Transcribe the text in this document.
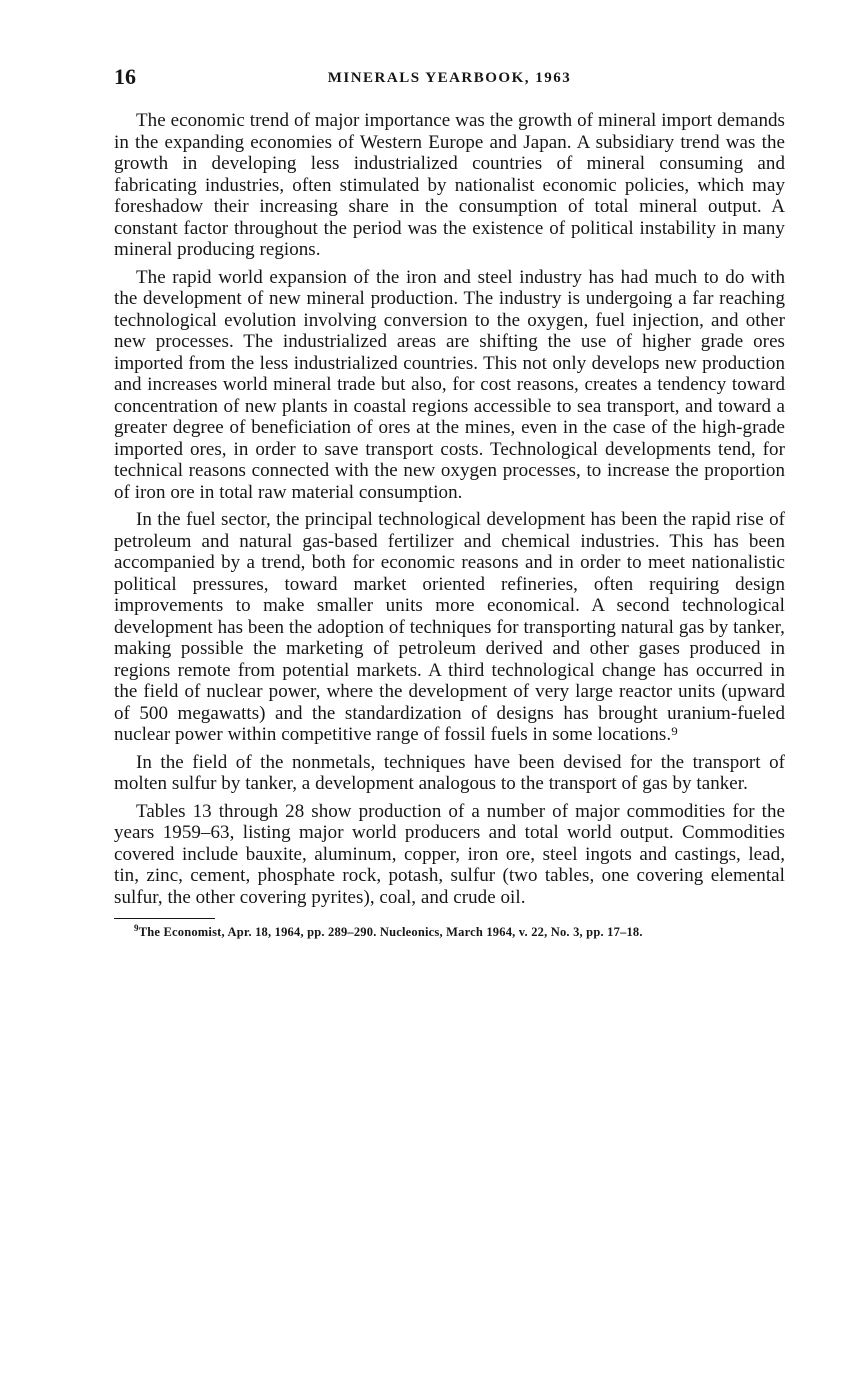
16	MINERALS YEARBOOK, 1963

The economic trend of major importance was the growth of mineral import demands in the expanding economies of Western Europe and Japan. A subsidiary trend was the growth in developing less industrialized countries of mineral consuming and fabricating industries, often stimulated by nationalist economic policies, which may foreshadow their increasing share in the consumption of total mineral output. A constant factor throughout the period was the existence of political instability in many mineral producing regions.

The rapid world expansion of the iron and steel industry has had much to do with the development of new mineral production. The industry is undergoing a far reaching technological evolution involving conversion to the oxygen, fuel injection, and other new processes. The industrialized areas are shifting the use of higher grade ores imported from the less industrialized countries. This not only develops new production and increases world mineral trade but also, for cost reasons, creates a tendency toward concentration of new plants in coastal regions accessible to sea transport, and toward a greater degree of beneficiation of ores at the mines, even in the case of the high-grade imported ores, in order to save transport costs. Technological developments tend, for technical reasons connected with the new oxygen processes, to increase the proportion of iron ore in total raw material consumption.

In the fuel sector, the principal technological development has been the rapid rise of petroleum and natural gas-based fertilizer and chemical industries. This has been accompanied by a trend, both for economic reasons and in order to meet nationalistic political pressures, toward market oriented refineries, often requiring design improvements to make smaller units more economical. A second technological development has been the adoption of techniques for transporting natural gas by tanker, making possible the marketing of petroleum derived and other gases produced in regions remote from potential markets. A third technological change has occurred in the field of nuclear power, where the development of very large reactor units (upward of 500 megawatts) and the standardization of designs has brought uranium-fueled nuclear power within competitive range of fossil fuels in some locations.⁹

In the field of the nonmetals, techniques have been devised for the transport of molten sulfur by tanker, a development analogous to the transport of gas by tanker.

Tables 13 through 28 show production of a number of major commodities for the years 1959–63, listing major world producers and total world output. Commodities covered include bauxite, aluminum, copper, iron ore, steel ingots and castings, lead, tin, zinc, cement, phosphate rock, potash, sulfur (two tables, one covering elemental sulfur, the other covering pyrites), coal, and crude oil.

$^9$The Economist, Apr. 18, 1964, pp. 289–290. Nucleonics, March 1964, v. 22, No. 3, pp. 17–18.
